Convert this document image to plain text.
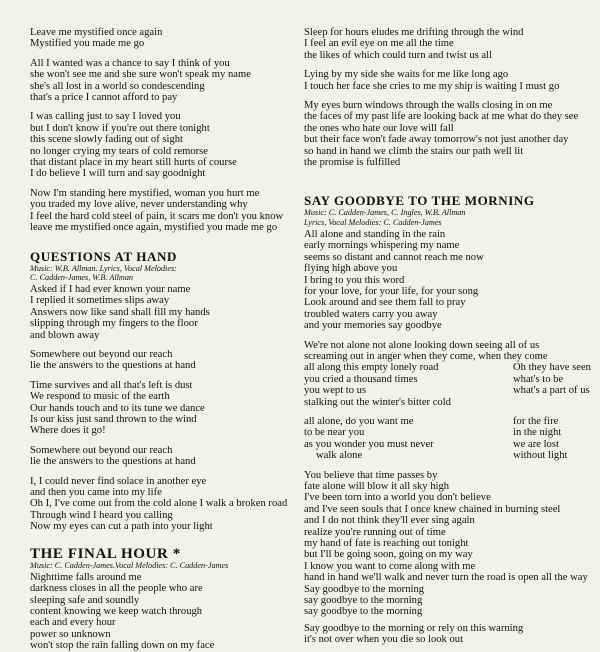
Leave me mystified once again
Mystified you made me go
All I wanted was a chance to say I think of you
she won't see me and she sure won't speak my name
she's all lost in a world so condescending
that's a price I cannot afford to pay
I was calling just to say I loved you
but I don't know if you're out there tonight
this scene slowly fading out of sight
no longer crying my tears of cold remorse
that distant place in my heart still hurts of course
I do believe I will turn and say goodnight
Now I'm standing here mystified, woman you hurt me
you traded my love alive, never understanding why
I feel the hard cold steel of pain, it scars me don't you know
leave me mystified once again, mystified you made me go
QUESTIONS AT HAND
Music: W.B. Allman. Lyrics, Vocal Melodies:
C. Cadden-James, W.B. Allman
Asked if I had ever known your name
I replied it sometimes slips away
Answers now like sand shall fill my hands
slipping through my fingers to the floor
and blown away
Somewhere out beyond our reach
lie the answers to the questions at hand
Time survives and all that's left is dust
We respond to music of the earth
Our hands touch and to its tune we dance
Is our kiss just sand thrown to the wind
Where does it go!
Somewhere out beyond our reach
lie the answers to the questions at hand
I, I could never find solace in another eye
and then you came into my life
Oh I, I've come out from the cold alone I walk a broken road
Through wind I heard you calling
Now my eyes can cut a path into your light
THE FINAL HOUR *
Music: C. Cadden-James.Vocal Melodies: C. Cadden-James
Nighttime falls around me
darkness closes in all the people who are
sleeping safe and soundly
content knowing we keep watch through
each and every hour
power so unknown
won't stop the rain falling down on my face
Sleep for hours eludes me drifting through the wind
I feel an evil eye on me all the time
the likes of which could turn and twist us all
Lying by my side she waits for me like long ago
I touch her face she cries to me my ship is waiting I must go
My eyes burn windows through the walls closing in on me
the faces of my past life are looking back at me what do they see
the ones who hate our love will fall
but their face won't fade away tomorrow's not just another day
so hand in hand we climb the stairs our path well lit
the promise is fulfilled
SAY GOODBYE TO THE MORNING
Music: C. Cadden-James, C. Ingles, W.B. Allman
Lyrics, Vocal Melodies: C. Cadden-James
All alone and standing in the rain
early mornings whispering my name
seems so distant and cannot reach me now
flying high above you
I bring to you this word
for your love, for your life, for your song
Look around and see them fall to pray
troubled waters carry you away
and your memories say goodbye
We're not alone not alone looking down seeing all of us
screaming out in anger when they come, when they come
all along this empty lonely road	Oh they have seen
you cried a thousand times	what's to be
you wept to us	what's a part of us
stalking out the winter's bitter cold
all alone, do you want me	for the fire
to be near you	in the night
as you wonder you must never	we are lost
walk alone	without light
You believe that time passes by
fate alone will blow it all sky high
I've been torn into a world you don't believe
and I've seen souls that I once knew chained in burning steel
and I do not think they'll ever sing again
realize you're running out of time
my hand of fate is reaching out tonight
but I'll be going soon, going on my way
I know you want to come along with me
hand in hand we'll walk and never turn the road is open all the way
Say goodbye to the morning
say goodbye to the morning
say goodbye to the morning
Say goodbye to the morning or rely on this warning
it's not over when you die so look out
